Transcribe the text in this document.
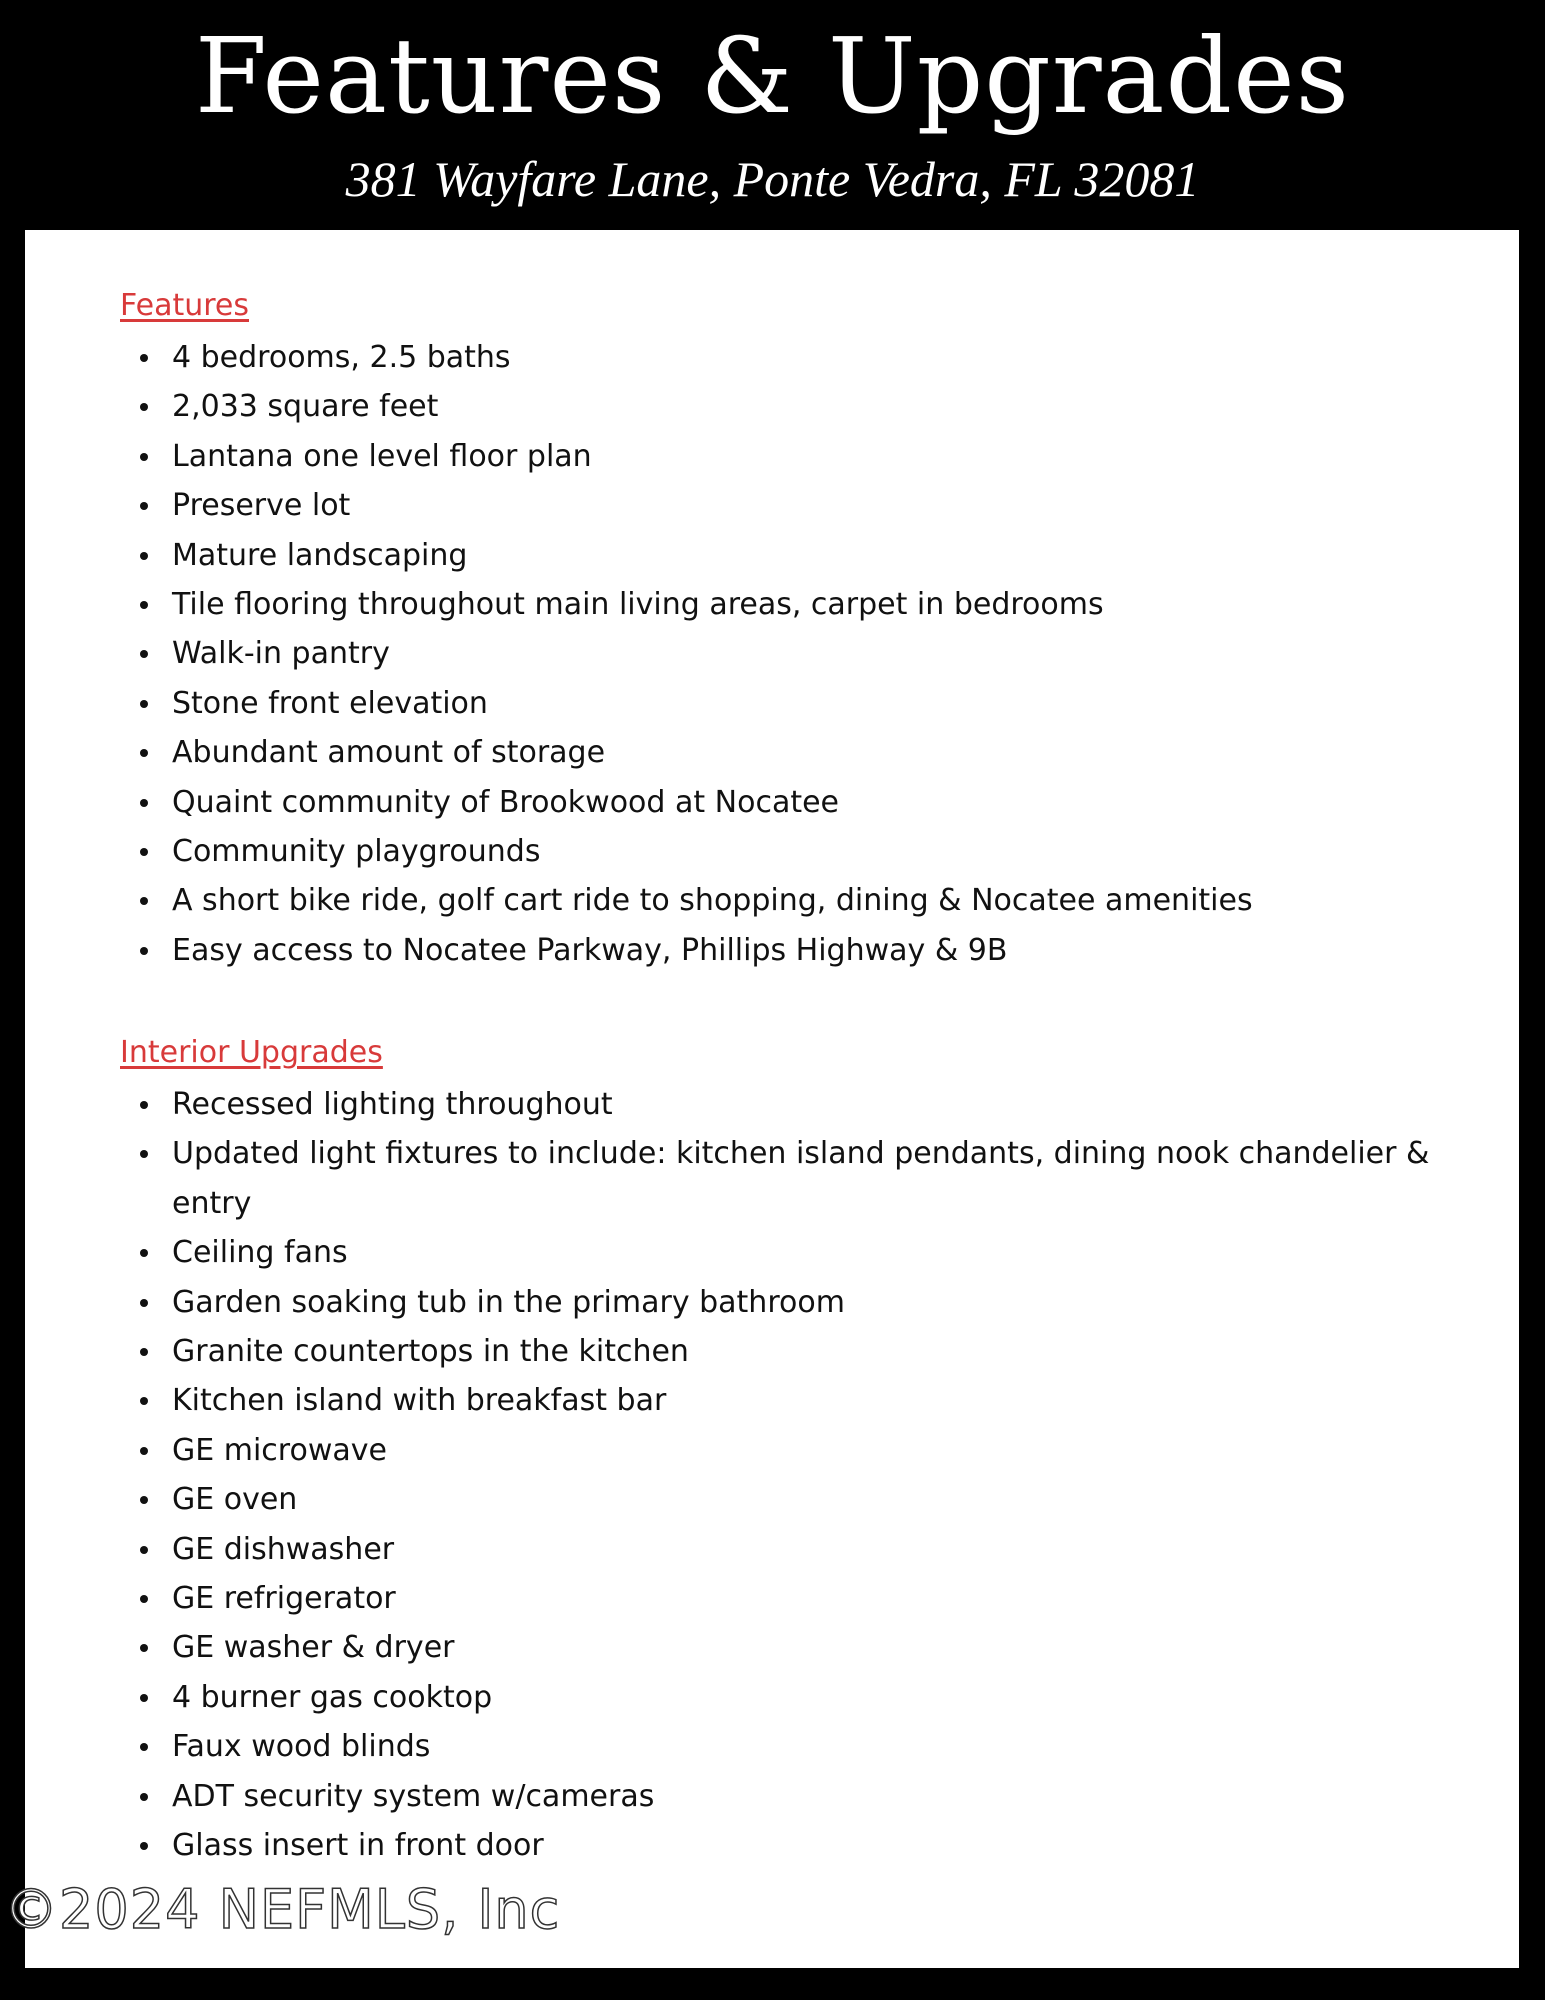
Features & Upgrades

381 Wayfare Lane, Ponte Vedra, FL 32081

Features
4 bedrooms, 2.5 baths
2,033 square feet
Lantana one level floor plan
Preserve lot
Mature landscaping
Tile flooring throughout main living areas, carpet in bedrooms
Walk-in pantry
Stone front elevation
Abundant amount of storage
Quaint community of Brookwood at Nocatee
Community playgrounds
A short bike ride, golf cart ride to shopping, dining & Nocatee amenities
Easy access to Nocatee Parkway, Phillips Highway & 9B
Interior Upgrades
Recessed lighting throughout
Updated light fixtures to include: kitchen island pendants, dining nook chandelier & entry
Ceiling fans
Garden soaking tub in the primary bathroom
Granite countertops in the kitchen
Kitchen island with breakfast bar
GE microwave
GE oven
GE dishwasher
GE refrigerator
GE washer & dryer
4 burner gas cooktop
Faux wood blinds
ADT security system w/cameras
Glass insert in front door
©2024 NEFMLS, Inc
